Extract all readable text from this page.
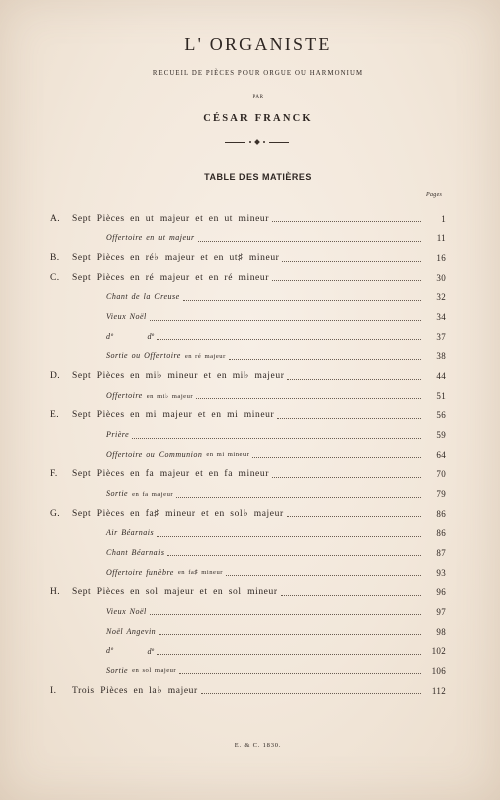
L' ORGANISTE
RECUEIL DE PIÈCES POUR ORGUE OU HARMONIUM
PAR
CÉSAR FRANCK
TABLE DES MATIÈRES
Pages
A.	Sept Pièces en ut majeur et en ut mineur	1
Offertoire en ut majeur	11
B.	Sept Pièces en ré♭ majeur et en ut♯ mineur	16
C.	Sept Pièces en ré majeur et en ré mineur	30
Chant de la Creuse	32
Vieux Noël	34
dº	dº	37
Sortie ou Offertoire en ré majeur	38
D.	Sept Pièces en mi♭ mineur et en mi♭ majeur	44
Offertoire en mi♭ majeur	51
E.	Sept Pièces en mi majeur et en mi mineur	56
Prière	59
Offertoire ou Communion en mi mineur	64
F.	Sept Pièces en fa majeur et en fa mineur	70
Sortie en fa majeur	79
G.	Sept Pièces en fa♯ mineur et en sol♭ majeur	86
Air Béarnais	86
Chant Béarnais	87
Offertoire funèbre en fa♯ mineur	93
H.	Sept Pièces en sol majeur et en sol mineur	96
Vieux Noël	97
Noël Angevin	98
dº	dº	102
Sortie en sol majeur	106
I.	Trois Pièces en la♭ majeur	112
E. & C. 1830.
